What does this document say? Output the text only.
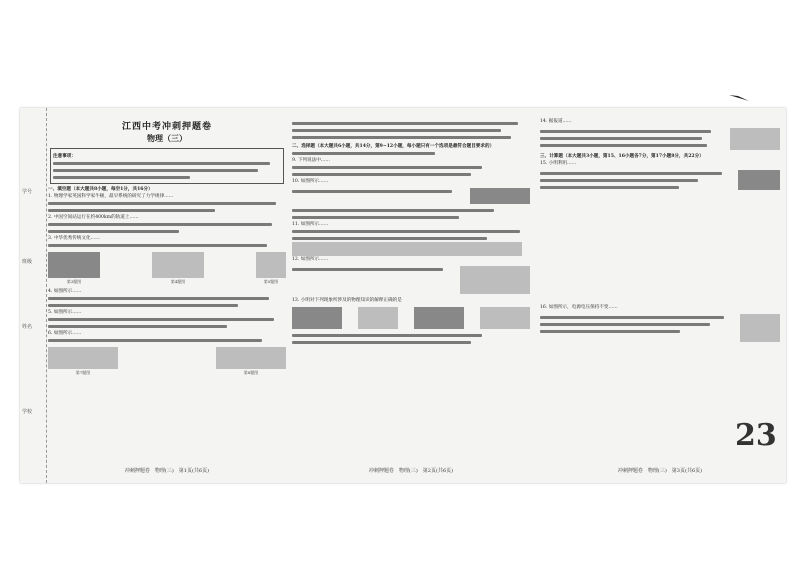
学号
班级
姓名
学校
江西中考冲刺押题卷
物理（三）

注意事项：

一、填空题（本大题共8小题，每空1分，共16分）

1. 物理学家英国科学家牛顿，最早系统的研究了力学规律……

2. 中国空间站运行在约400km的轨道上……

3. 中华优秀传统文化……

第3题图	第4题图	第5题图

4. 如图所示……

5. 如图所示……

6. 如图所示……

第7题图	第8题图
冲刺押题卷　物理(三)　第1页(共6页)

二、选择题（本大题共6小题，共14分，第9~12小题，每小题只有一个选项是最符合题目要求的）

9. 下列说法中……

10. 如图所示……

11. 如图所示……

12. 如图所示……

13. 小明对下列现象所涉及的物理知识的解释正确的是

冲刺押题卷　物理(三)　第2页(共6页)

14. 据报道……

三、计算题（本大题共3小题，第15、16小题各7分，第17小题8分，共22分）

15. 小明利用……

16. 如图所示，电源电压保持不变……

冲刺押题卷　物理(三)　第3页(共6页)
23
